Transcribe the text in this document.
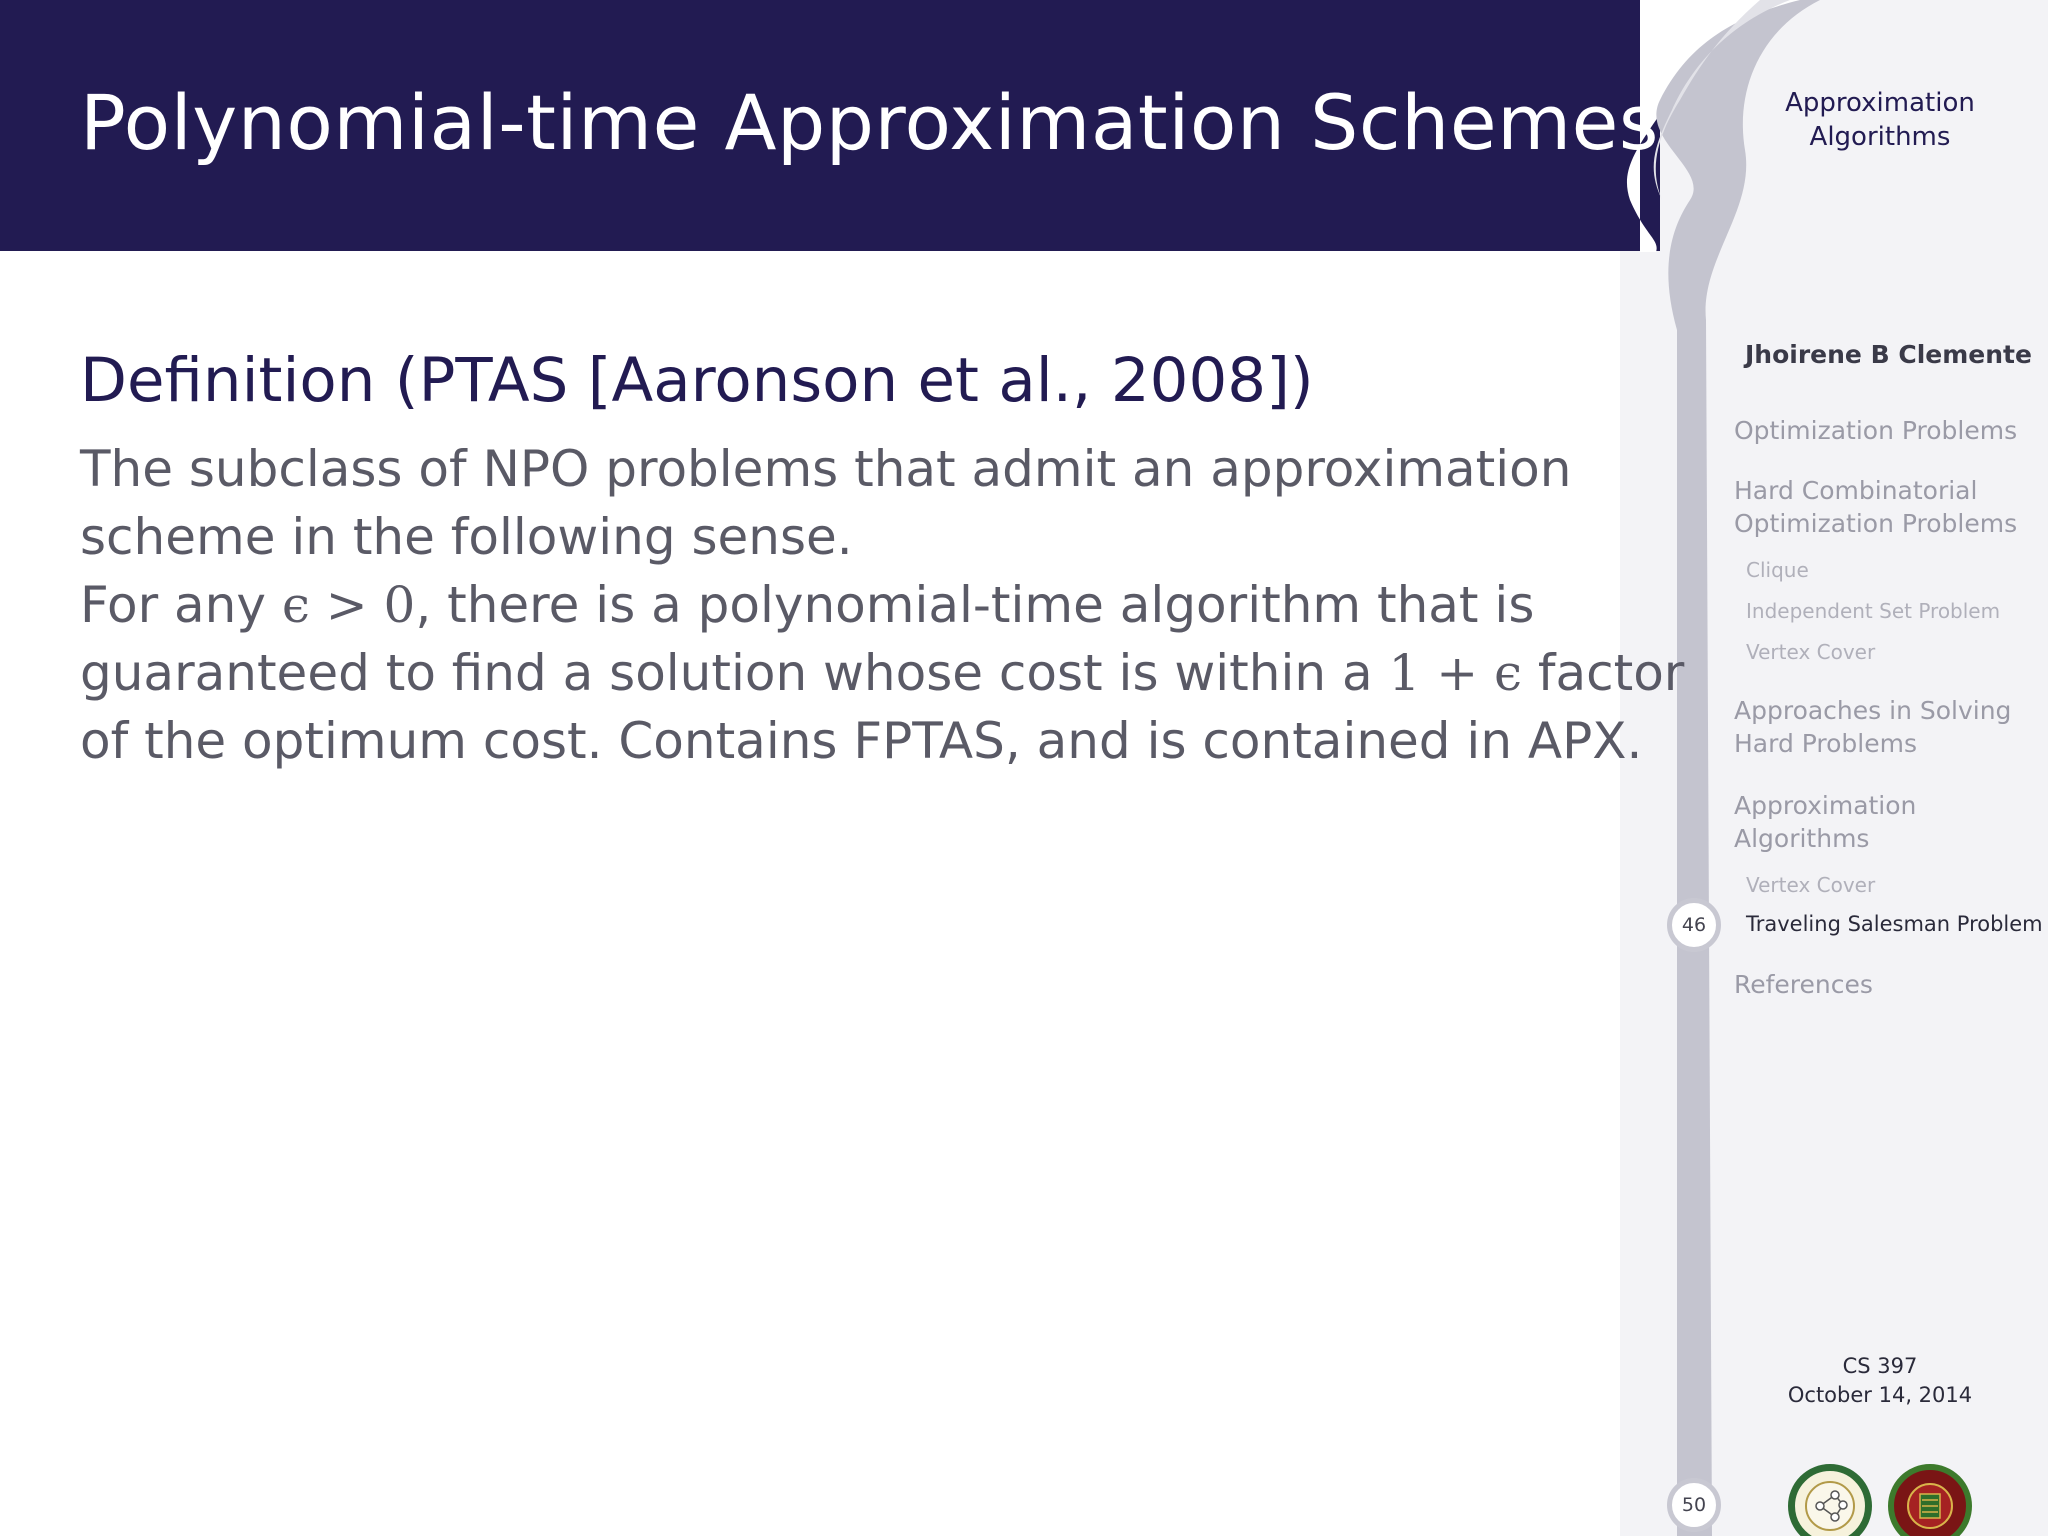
Polynomial-time Approximation Schemes	Approximation
Algorithms
Jhoirene B Clemente
Optimization Problems
Hard Combinatorial
Optimization Problems
Clique
Independent Set Problem
Vertex Cover
Approaches in Solving
Hard Problems
Approximation
Algorithms
Vertex Cover
Traveling Salesman Problem
References
46
50
CS 397
October 14, 2014
Definition (PTAS [Aaronson et al., 2008])
The subclass of NPO problems that admit an approximation
scheme in the following sense.
For any ϵ > 0, there is a polynomial-time algorithm that is
guaranteed to find a solution whose cost is within a 1 + ϵ factor
of the optimum cost. Contains FPTAS, and is contained in APX.
